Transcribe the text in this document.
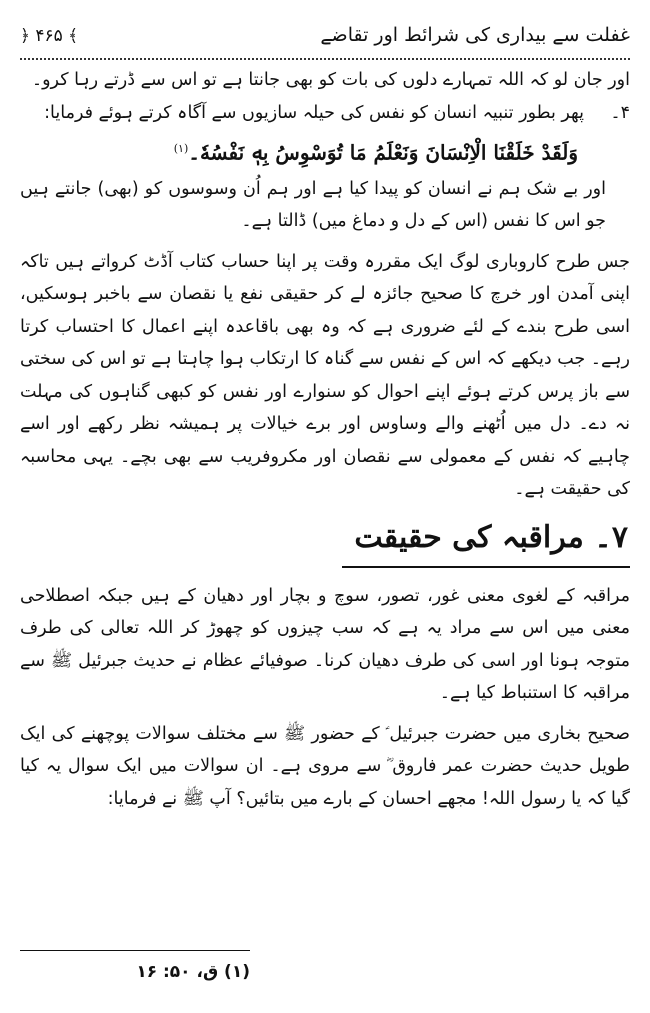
غفلت سے بیداری کی شرائط اور تقاضے
﴿ ۴۶۵ ﴾

اور جان لو کہ اللہ تمہارے دلوں کی بات کو بھی جانتا ہے تو اس سے ڈرتے رہا کرو۔

۴۔پھر بطور تنبیہ انسان کو نفس کی حیلہ سازیوں سے آگاہ کرتے ہوئے فرمایا:

وَلَقَدْ خَلَقْنَا الْاِنْسَانَ وَنَعْلَمُ مَا تُوَسْوِسُ بِهٖ نَفْسُهٗ۔$^{(۱)}$

اور بے شک ہم نے انسان کو پیدا کیا ہے اور ہم اُن وسوسوں کو (بھی) جانتے ہیں جو اس کا نفس (اس کے دل و دماغ میں) ڈالتا ہے۔

جس طرح کاروباری لوگ ایک مقررہ وقت پر اپنا حساب کتاب آڈٹ کرواتے ہیں تاکہ اپنی آمدن اور خرچ کا صحیح جائزہ لے کر حقیقی نفع یا نقصان سے باخبر ہوسکیں، اسی طرح بندے کے لئے ضروری ہے کہ وہ بھی باقاعدہ اپنے اعمال کا احتساب کرتا رہے۔ جب دیکھے کہ اس کے نفس سے گناہ کا ارتکاب ہوا چاہتا ہے تو اس کی سختی سے باز پرس کرتے ہوئے اپنے احوال کو سنوارے اور نفس کو کبھی گناہوں کی مہلت نہ دے۔ دل میں اُٹھنے والے وساوس اور برے خیالات پر ہمیشہ نظر رکھے اور اسے چاہیے کہ نفس کے معمولی سے نقصان اور مکروفریب سے بھی بچے۔ یہی محاسبہ کی حقیقت ہے۔

۷۔ مراقبہ کی حقیقت

مراقبہ کے لغوی معنی غور، تصور، سوچ و بچار اور دھیان کے ہیں جبکہ اصطلاحی معنی میں اس سے مراد یہ ہے کہ سب چیزوں کو چھوڑ کر اللہ تعالی کی طرف متوجہ ہونا اور اسی کی طرف دھیان کرنا۔ صوفیائے عظام نے حدیث جبرئیل ﷺ سے مراقبہ کا استنباط کیا ہے۔

صحیح بخاری میں حضرت جبرئیل ؑ کے حضور ﷺ سے مختلف سوالات پوچھنے کی ایک طویل حدیث حضرت عمر فاروق ؓ سے مروی ہے۔ ان سوالات میں ایک سوال یہ کیا گیا کہ یا رسول اللہ! مجھے احسان کے بارے میں بتائیں؟ آپ ﷺ نے فرمایا:

(۱) ق، ۵۰: ۱۶
